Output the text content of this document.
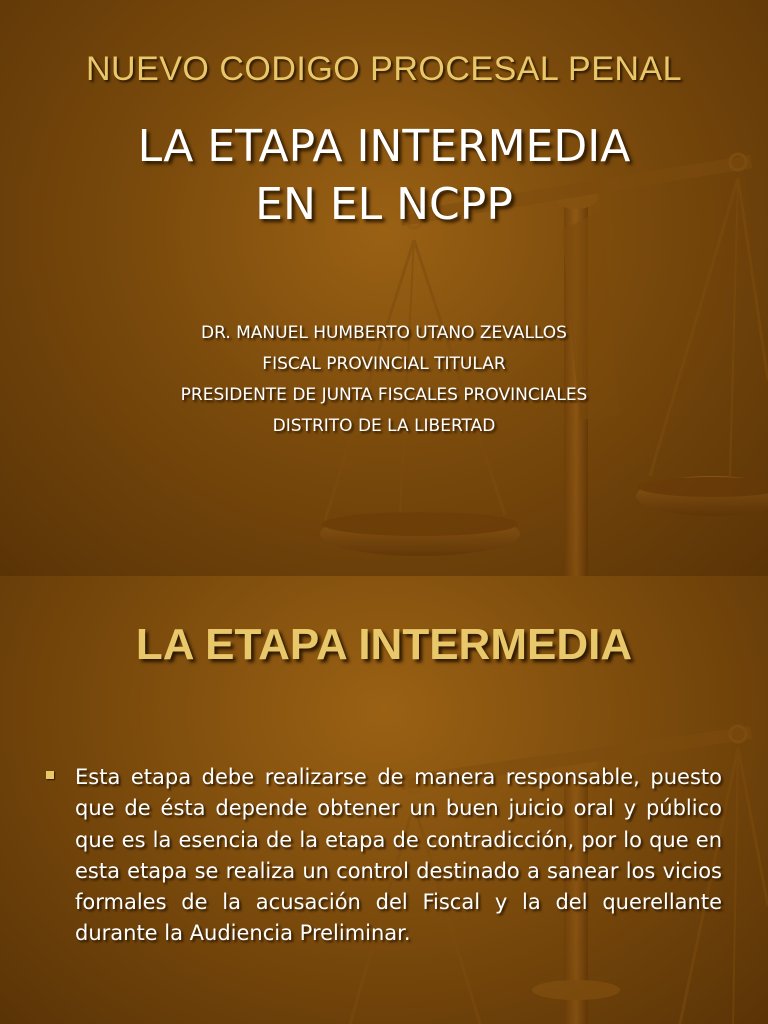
NUEVO CODIGO PROCESAL PENAL
LA ETAPA INTERMEDIA
EN EL NCPP
DR. MANUEL HUMBERTO UTANO ZEVALLOS
FISCAL PROVINCIAL TITULAR
PRESIDENTE DE JUNTA FISCALES PROVINCIALES
DISTRITO DE LA LIBERTAD
LA ETAPA INTERMEDIA
Esta etapa debe realizarse de manera responsable, puesto que de ésta depende obtener un buen juicio oral y público que es la esencia de la etapa de contradicción, por lo que en esta etapa se realiza un control destinado a sanear los vicios formales de la acusación del Fiscal y la del querellante durante la Audiencia Preliminar.
